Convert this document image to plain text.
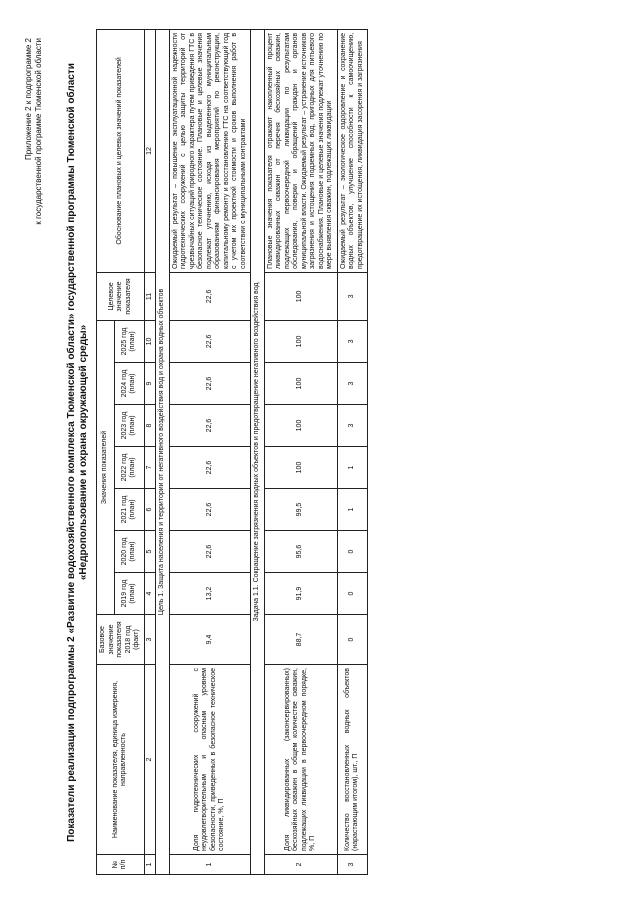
Приложение 2 к подпрограмме 2 к государственной программе Тюменской области Показатели реализации подпрограммы 2 «Развитие водохозяйственного комплекса Тюменской области» государственной программы Тюменской области «Недропользование и охрана окружающей среды»
№ п/п	Наименование показателя, единица измерения, направленность	Базовое значение показателя 2018 год (факт)	Значения показателей							Целевое значение показателя	Обоснование плановых и целевых значений показателей
			2019 год (план)	2020 год (план)	2021 год (план)	2022 год (план)	2023 год (план)	2024 год (план)	2025 год (план)		
1	2	3	4	5	6	7	8	9	10	11	12
Цель 1. Защита населения и территории от негативного воздействия вод и охрана водных объектов											
1	Доля гидротехнических сооружений с неудовлетворительным и опасным уровнем безопасности, приведенных в безопасное техническое состояние, %, П	9,4	13,2	22,6	22,6	22,6	22,6	22,6	22,6	22,6	Ожидаемый результат – повышение эксплуатационной надежности гидротехнических сооружений с целью защиты территорий от чрезвычайных ситуаций природного характера путем приведения ГТС в безопасное техническое состояние. Плановые и целевые значения подлежат уточнению, исходя из выделенного муниципальным образованиям финансирования мероприятий по реконструкции, капитальному ремонту и восстановлению ГТС на соответствующий год с учетом их проектной стоимости и сроков выполнения работ в соответствии с муниципальными контрактами
Задача 1.1. Сокращение загрязнения водных объектов и предотвращение негативного воздействия вод											
2	Доля ликвидированных (законсервированных) бесхозяйных скважин в общем количестве скважин, подлежащих ликвидации в первоочередном порядке, %, П	88,7	91,9	95,6	99,5	100	100	100	100	100	Плановые значения показателя отражают накопленный процент ликвидированных скважин от перечня бесхозяйных скважин, подлежащих первоочередной ликвидации по результатам обследования, поверки и обращений граждан и органов муниципальной власти. Ожидаемый результат – устранение источников загрязнения и истощения подземных вод, пригодных для питьевого водоснабжения. Плановые и целевые значения подлежат уточнению по мере выявления скважин, подлежащих ликвидации
3	Количество восстановленных водных объектов (нарастающим итогом), шт., П	0	0	0	1	1	3	3	3	3	Ожидаемый результат – экологическое оздоровление и сохранение водных объектов, улучшение способности к самоочищению, предотвращение их истощения, ликвидация засорения и загрязнения
